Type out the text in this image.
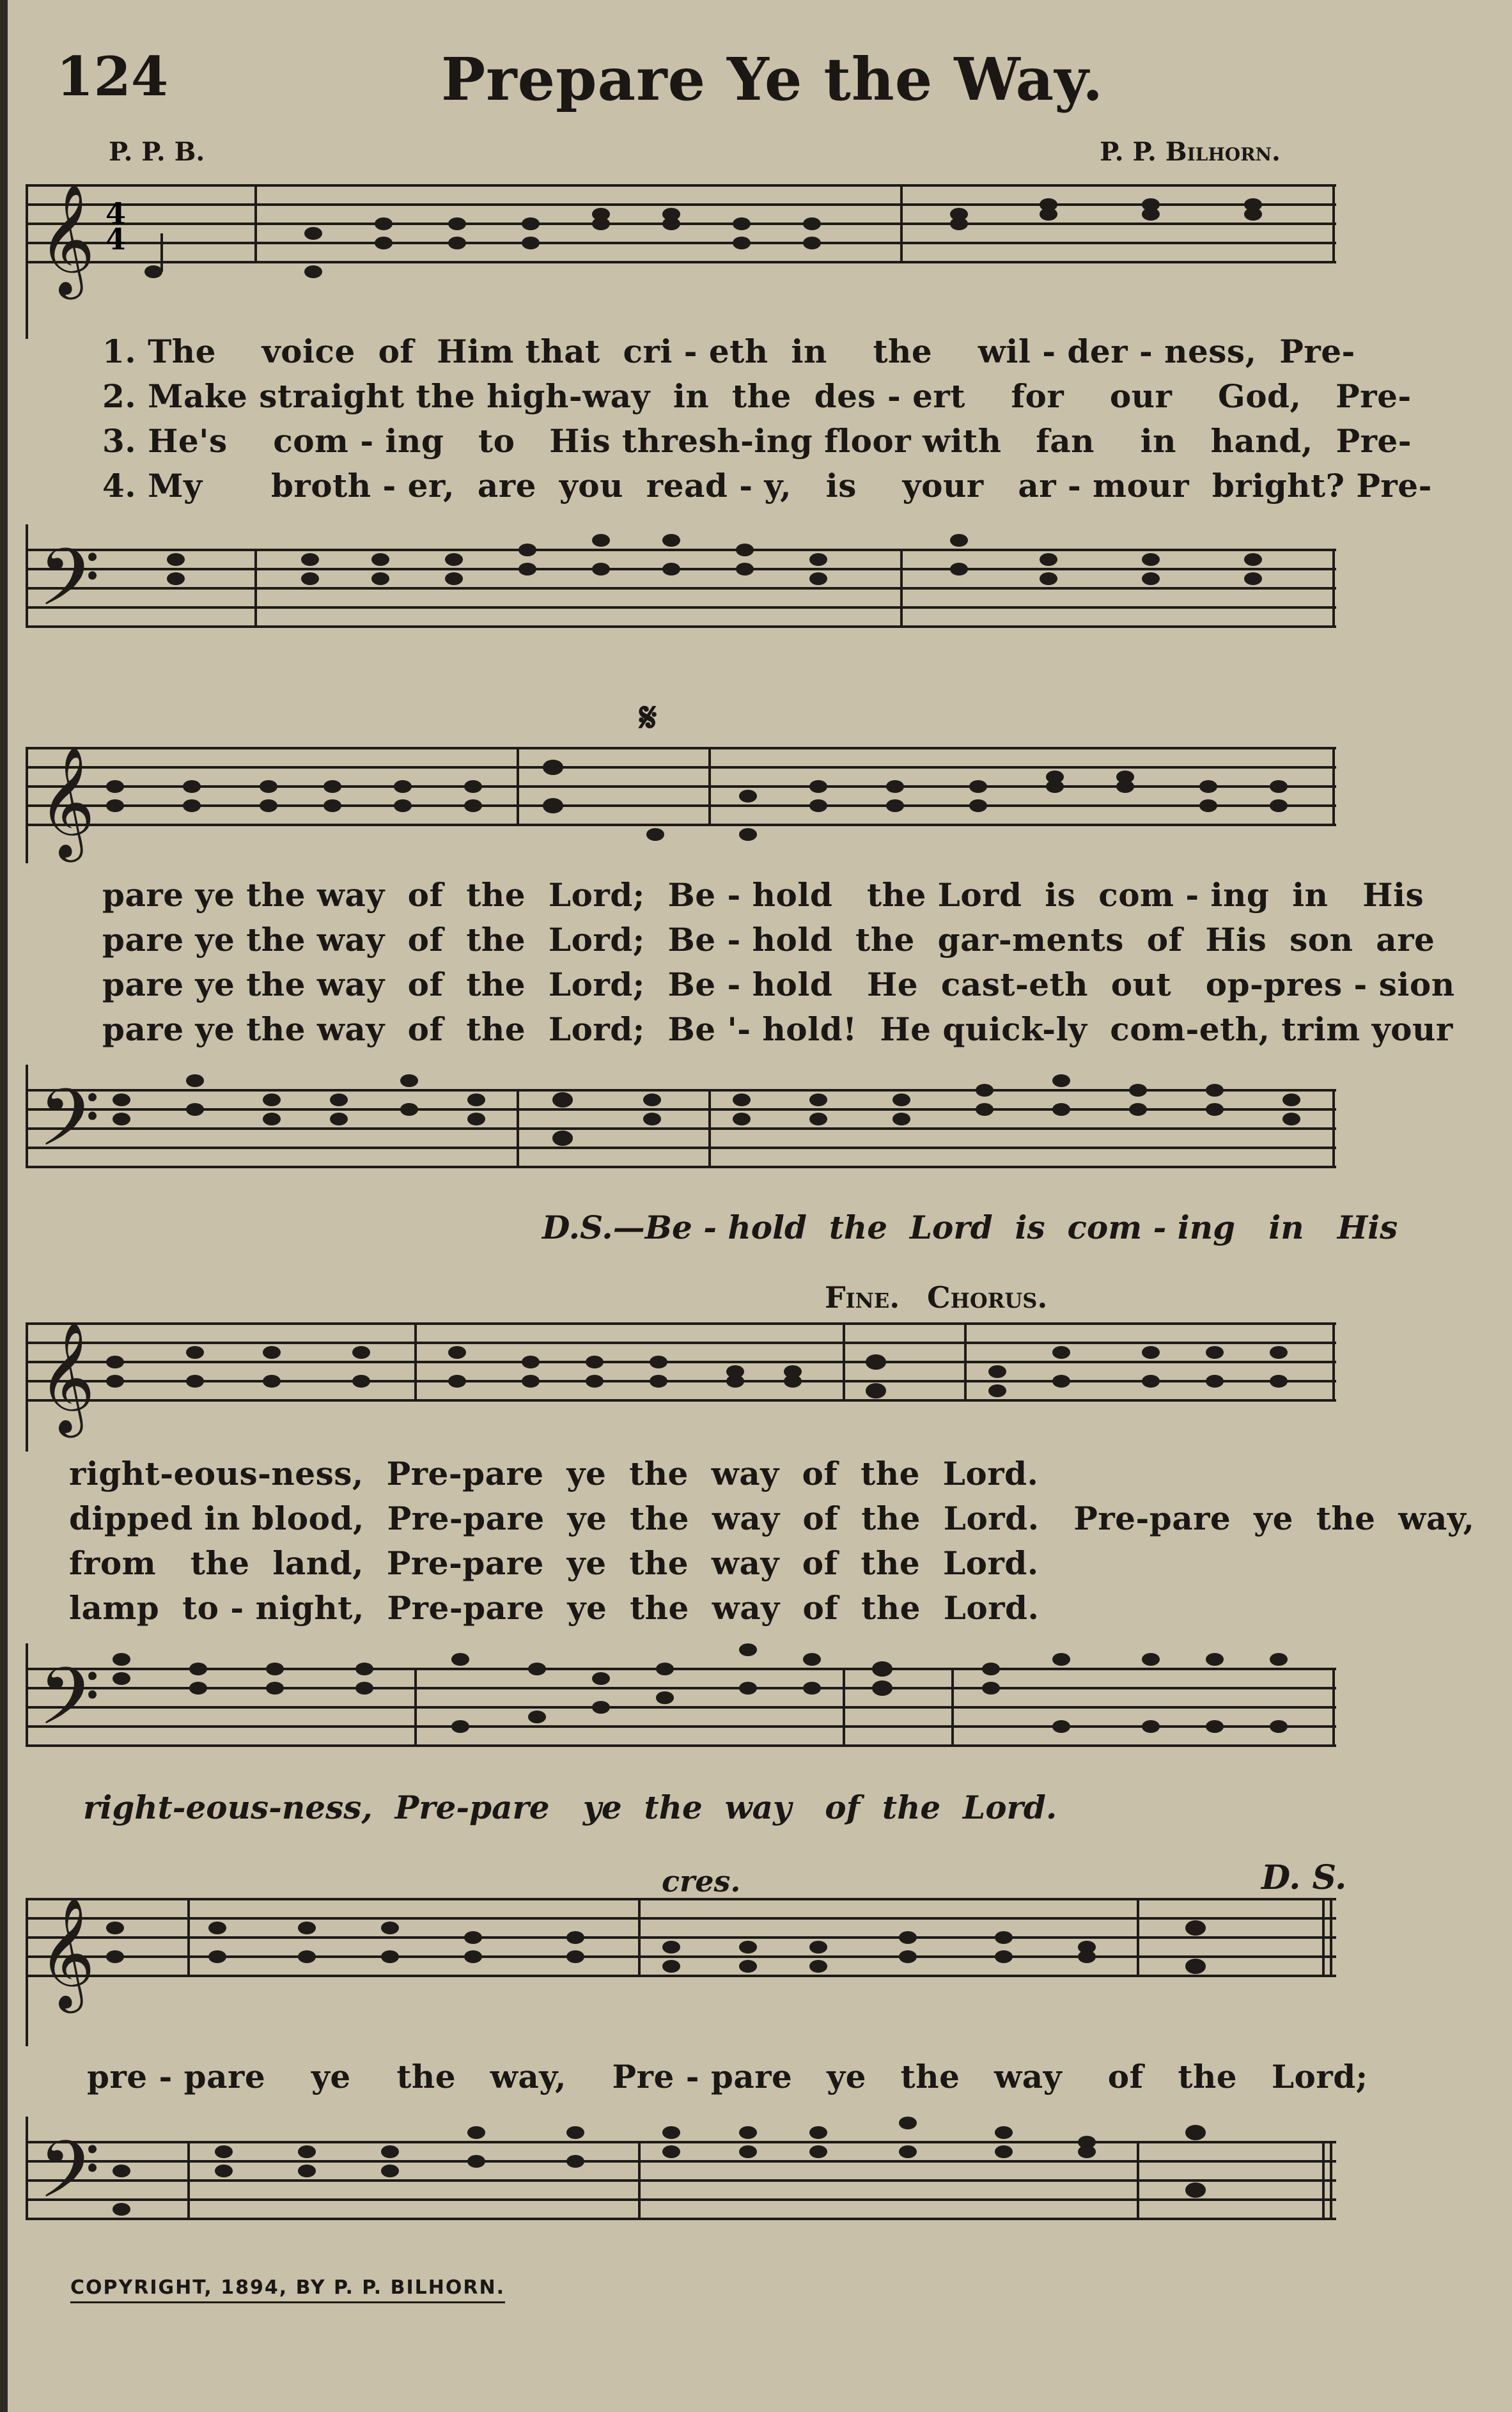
124	Prepare Ye the Way.
P. P. B.	P. P. Bilhorn.
𝄞 4
4
1. The    voice  of  Him that  cri - eth  in    the    wil - der - ness,  Pre-
2. Make straight the high-way  in  the  des - ert    for    our    God,   Pre-
3. He's    com - ing   to   His thresh-ing floor with   fan    in   hand,  Pre-
4. My      broth - er,  are  you  read - y,   is    your   ar - mour  bright? Pre-
𝄢
𝄋
𝄞
pare ye the way  of  the  Lord;  Be - hold   the Lord  is  com - ing  in   His
pare ye the way  of  the  Lord;  Be - hold  the  gar-ments  of  His  son  are
pare ye the way  of  the  Lord;  Be - hold   He  cast-eth  out   op-pres - sion
pare ye the way  of  the  Lord;  Be '- hold!  He quick-ly  com-eth, trim your
𝄢
D.S.—Be - hold  the  Lord  is  com - ing   in   His
Fine. Chorus.
𝄞
right-eous-ness,  Pre-pare  ye  the  way  of  the  Lord.
dipped in blood,  Pre-pare  ye  the  way  of  the  Lord.   Pre-pare  ye  the  way,
from   the  land,  Pre-pare  ye  the  way  of  the  Lord.
lamp  to - night,  Pre-pare  ye  the  way  of  the  Lord.
𝄢
right-eous-ness,  Pre-pare   ye  the  way   of  the  Lord.
cres.	D. S.
𝄞
pre - pare    ye    the   way,    Pre - pare   ye   the   way    of   the   Lord;
𝄢
COPYRIGHT, 1894, BY P. P. BILHORN.
